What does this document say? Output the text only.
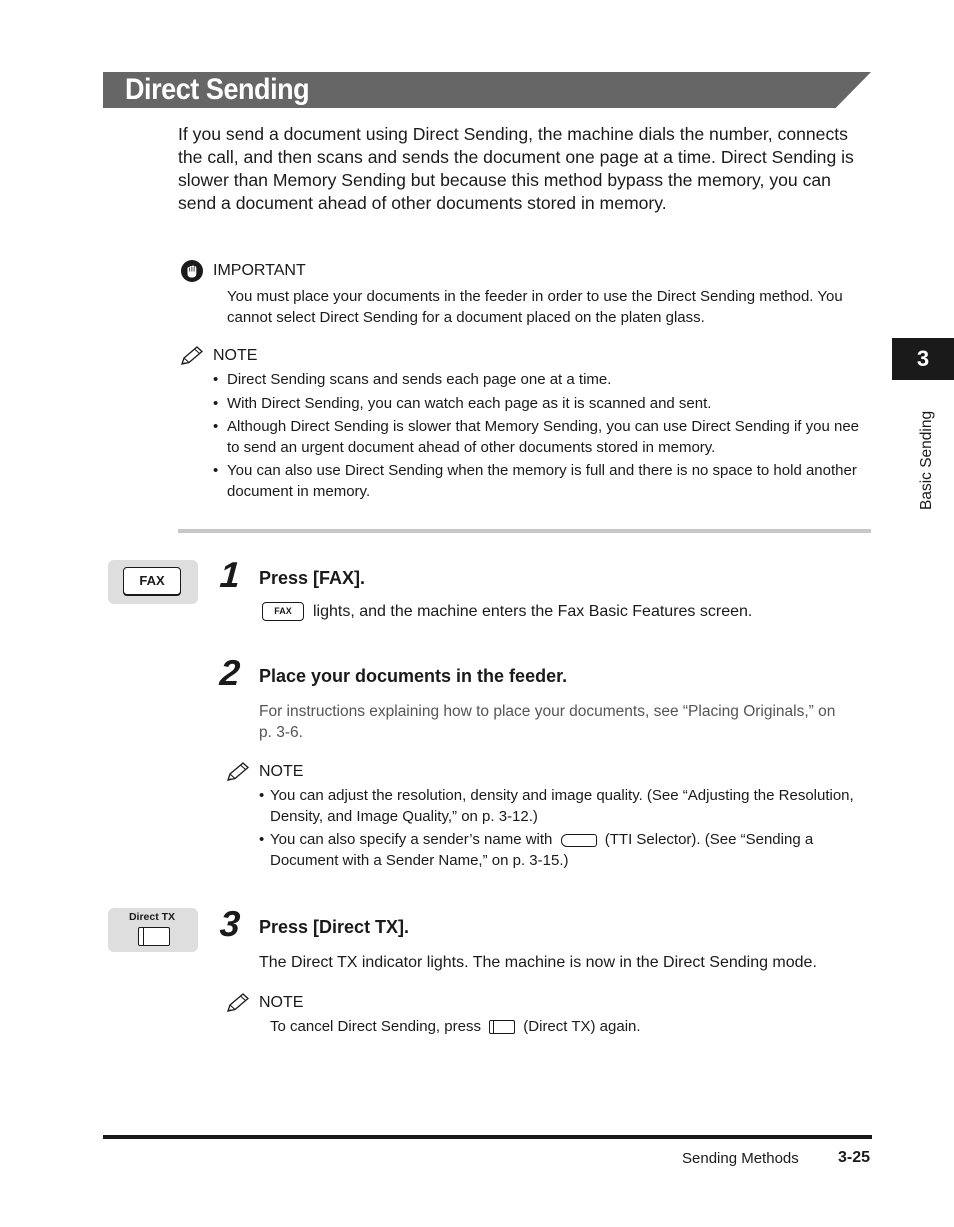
Direct Sending
If you send a document using Direct Sending, the machine dials the number, connects the call, and then scans and sends the document one page at a time. Direct Sending is slower than Memory Sending but because this method bypass the memory, you can send a document ahead of other documents stored in memory.
IMPORTANT
You must place your documents in the feeder in order to use the Direct Sending method. You cannot select Direct Sending for a document placed on the platen glass.
NOTE
• Direct Sending scans and sends each page one at a time.
• With Direct Sending, you can watch each page as it is scanned and sent.
• Although Direct Sending is slower that Memory Sending, you can use Direct Sending if you nee to send an urgent document ahead of other documents stored in memory.
• You can also use Direct Sending when the memory is full and there is no space to hold another document in memory.
3
Basic Sending
FAX	1 Press [FAX].
FAX	lights, and the machine enters the Fax Basic Features screen.
2 Place your documents in the feeder.
For instructions explaining how to place your documents, see “Placing Originals,” on p. 3-6.
NOTE
• You can adjust the resolution, density and image quality. (See “Adjusting the Resolution, Density, and Image Quality,” on p. 3-12.)
• You can also specify a sender’s name with	(TTI Selector). (See “Sending a Document with a Sender Name,” on p. 3-15.)
Direct TX	3 Press [Direct TX].
The Direct TX indicator lights. The machine is now in the Direct Sending mode.
NOTE
To cancel Direct Sending, press	(Direct TX) again.
Sending Methods 3-25
